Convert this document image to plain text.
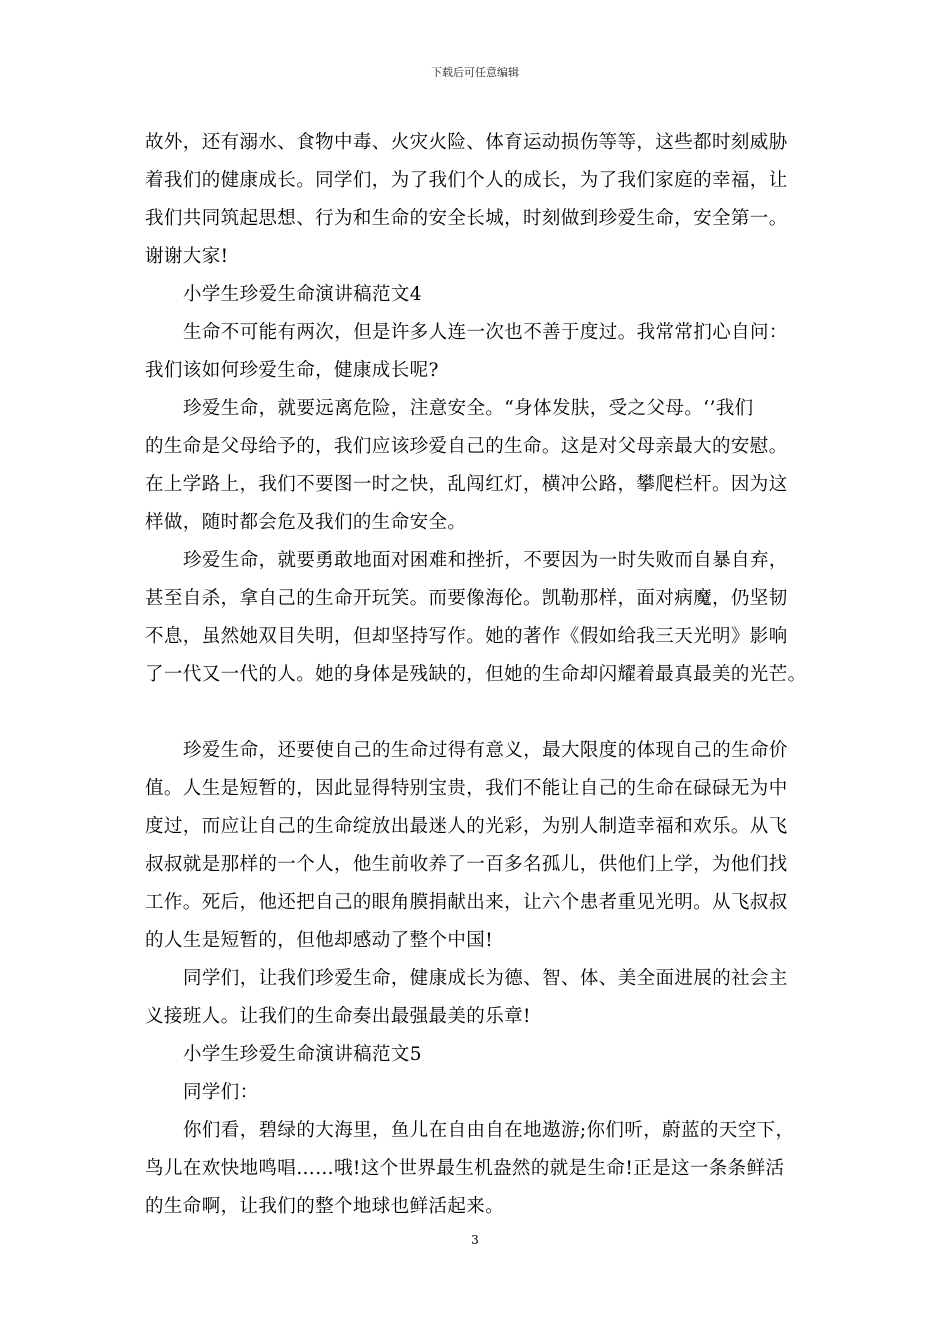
下载后可任意编辑
故外，还有溺水、食物中毒、火灾火险、体育运动损伤等等，这些都时刻威胁
着我们的健康成长。同学们，为了我们个人的成长，为了我们家庭的幸福，让
我们共同筑起思想、行为和生命的安全长城，时刻做到珍爱生命，安全第一。
谢谢大家!
小学生珍爱生命演讲稿范文4
生命不可能有两次，但是许多人连一次也不善于度过。我常常扪心自问：
我们该如何珍爱生命，健康成长呢?
珍爱生命，就要远离危险，注意安全。“身体发肤，受之父母。‘’我们
的生命是父母给予的，我们应该珍爱自己的生命。这是对父母亲最大的安慰。
在上学路上，我们不要图一时之快，乱闯红灯，横冲公路，攀爬栏杆。因为这
样做，随时都会危及我们的生命安全。
珍爱生命，就要勇敢地面对困难和挫折，不要因为一时失败而自暴自弃，
甚至自杀，拿自己的生命开玩笑。而要像海伦。凯勒那样，面对病魔，仍坚韧
不息，虽然她双目失明，但却坚持写作。她的著作《假如给我三天光明》影响
了一代又一代的人。她的身体是残缺的，但她的生命却闪耀着最真最美的光芒。
珍爱生命，还要使自己的生命过得有意义，最大限度的体现自己的生命价
值。人生是短暂的，因此显得特别宝贵，我们不能让自己的生命在碌碌无为中
度过，而应让自己的生命绽放出最迷人的光彩，为别人制造幸福和欢乐。从飞
叔叔就是那样的一个人，他生前收养了一百多名孤儿，供他们上学，为他们找
工作。死后，他还把自己的眼角膜捐献出来，让六个患者重见光明。从飞叔叔
的人生是短暂的，但他却感动了整个中国!
同学们，让我们珍爱生命，健康成长为德、智、体、美全面进展的社会主
义接班人。让我们的生命奏出最强最美的乐章!
小学生珍爱生命演讲稿范文5
同学们：
你们看，碧绿的大海里，鱼儿在自由自在地遨游;你们听，蔚蓝的天空下，
鸟儿在欢快地鸣唱……哦!这个世界最生机盎然的就是生命!正是这一条条鲜活
的生命啊，让我们的整个地球也鲜活起来。
3
